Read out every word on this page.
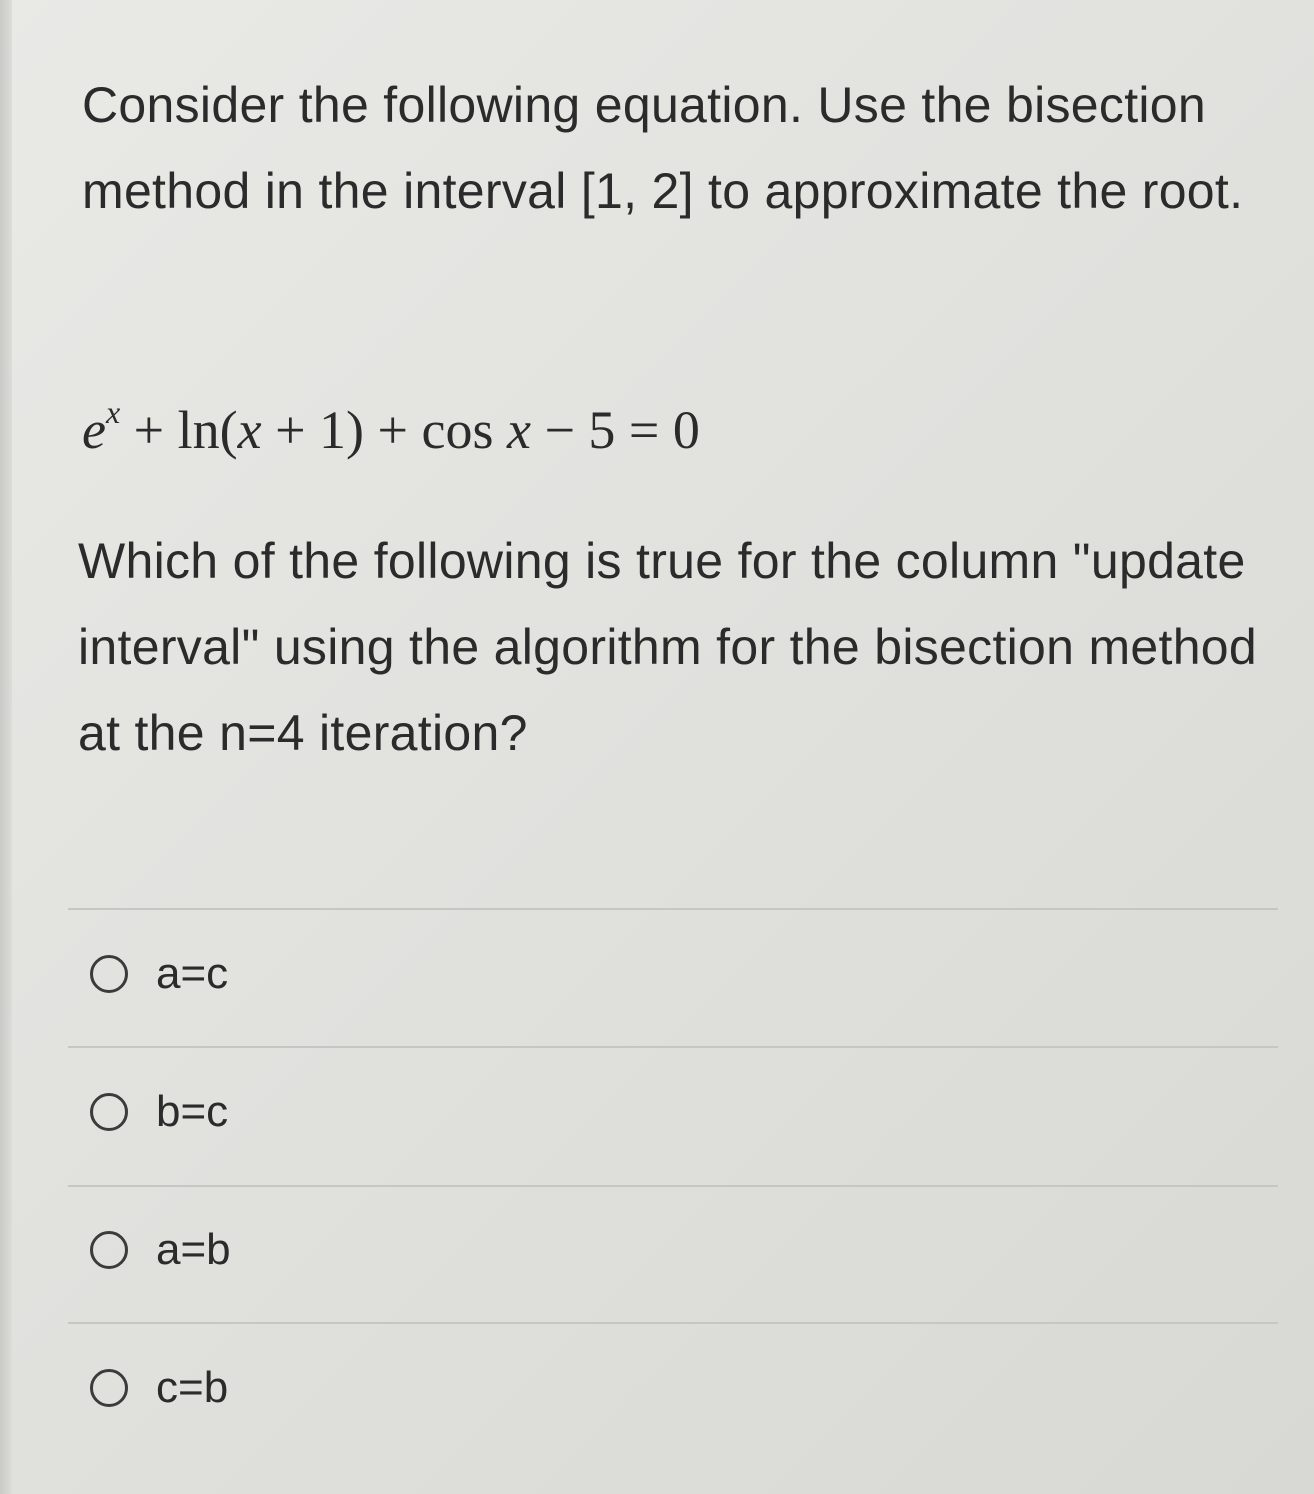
Consider the following equation. Use the bisection method in the interval [1, 2] to approximate the root.
$e^x + \ln(x + 1) + \cos x - 5 = 0$
Which of the following is true for the column "update interval" using the algorithm for the bisection method at the n=4 iteration?
a=c
b=c
a=b
c=b
